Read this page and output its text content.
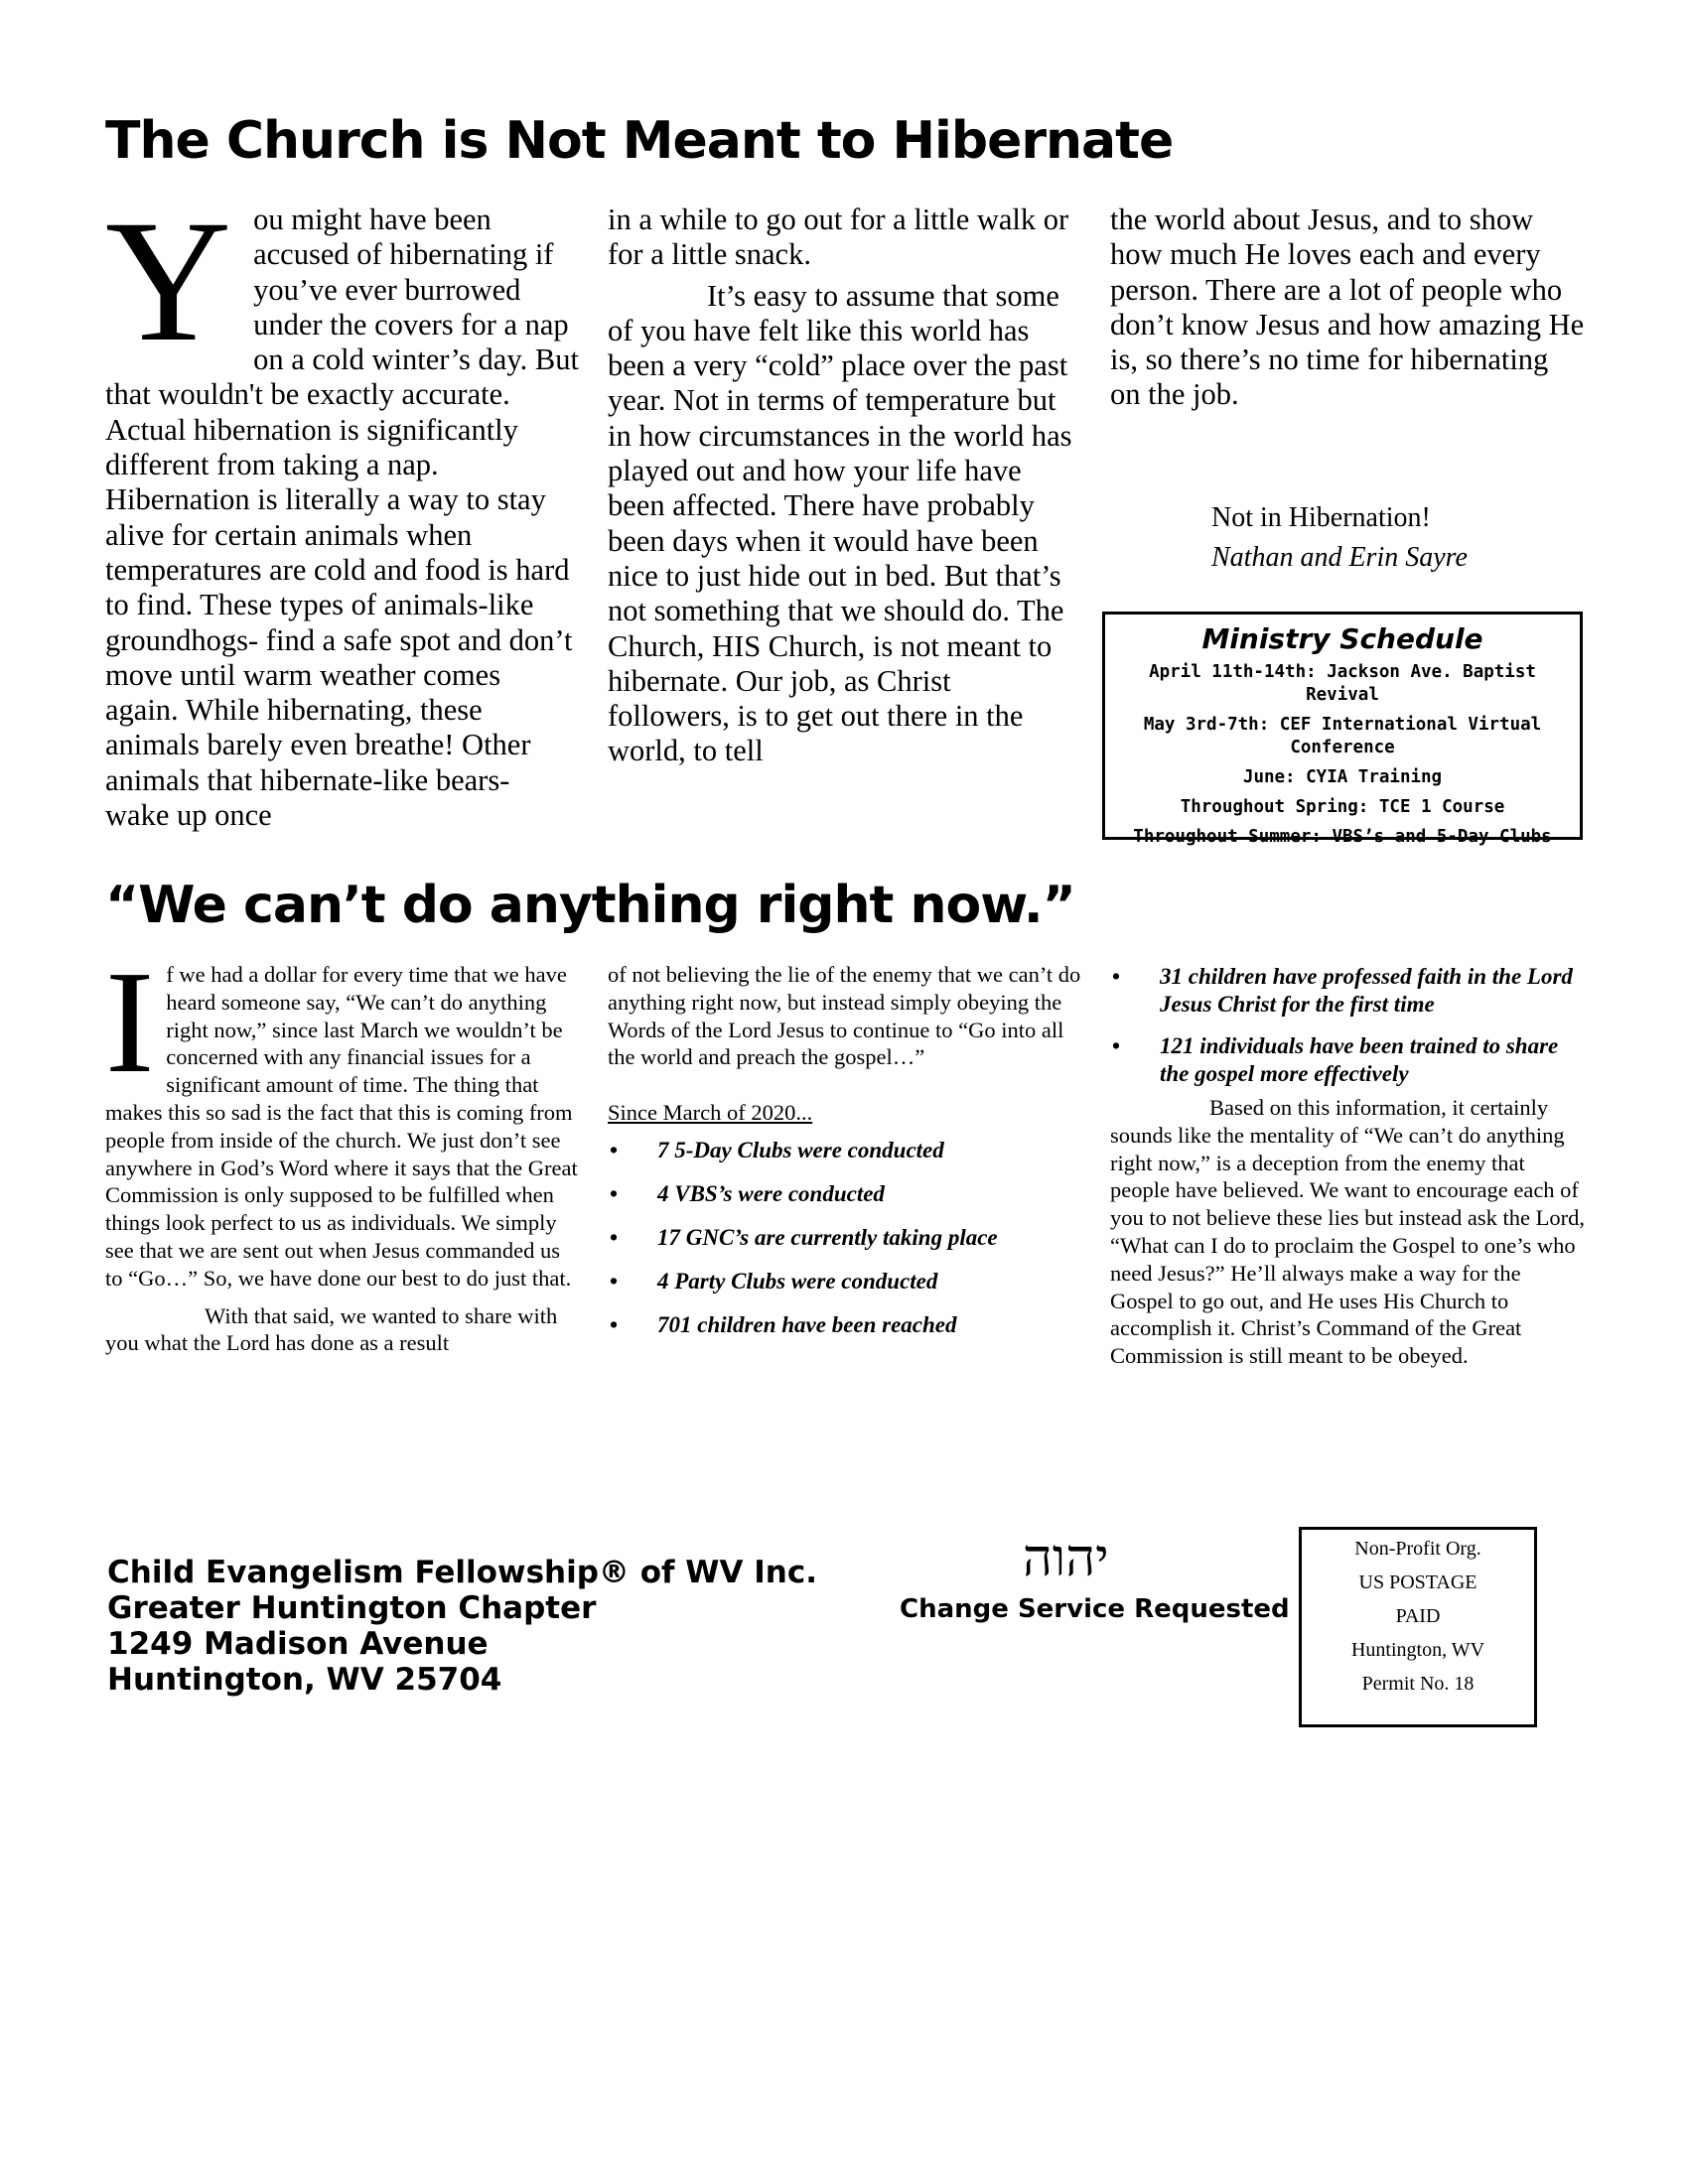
The Church is Not Meant to Hibernate
Y ou might have been accused of hibernating if you’ve ever burrowed under the covers for a nap on a cold winter’s day. But that wouldn't be exactly accurate. Actual hibernation is significantly different from taking a nap. Hibernation is literally a way to stay alive for certain animals when temperatures are cold and food is hard to find. These types of animals-like groundhogs- find a safe spot and don’t move until warm weather comes again. While hibernating, these animals barely even breathe! Other animals that hibernate-like bears- wake up once

in a while to go out for a little walk or for a little snack.

It’s easy to assume that some of you have felt like this world has been a very “cold” place over the past year. Not in terms of temperature but in how circumstances in the world has played out and how your life have been affected. There have probably been days when it would have been nice to just hide out in bed. But that’s not something that we should do. The Church, HIS Church, is not meant to hibernate. Our job, as Christ followers, is to get out there in the world, to tell

the world about Jesus, and to show how much He loves each and every person. There are a lot of people who don’t know Jesus and how amazing He is, so there’s no time for hibernating on the job.

Not in Hibernation!
Nathan and Erin Sayre
Ministry Schedule
April 11th-14th: Jackson Ave. Baptist Revival
May 3rd-7th: CEF International Virtual Conference
June: CYIA Training
Throughout Spring: TCE 1 Course
Throughout Summer: VBS’s and 5-Day Clubs
“We can’t do anything right now.”
I f we had a dollar for every time that we have heard someone say, “We can’t do anything right now,” since last March we wouldn’t be concerned with any financial issues for a significant amount of time. The thing that makes this so sad is the fact that this is coming from people from inside of the church. We just don’t see anywhere in God’s Word where it says that the Great Commission is only supposed to be fulfilled when things look perfect to us as individuals. We simply see that we are sent out when Jesus commanded us to “Go…” So, we have done our best to do just that.

With that said, we wanted to share with you what the Lord has done as a result

of not believing the lie of the enemy that we can’t do anything right now, but instead simply obeying the Words of the Lord Jesus to continue to “Go into all the world and preach the gospel…”

Since March of 2020...

• 7 5-Day Clubs were conducted
• 4 VBS’s were conducted
• 17 GNC’s are currently taking place
• 4 Party Clubs were conducted
• 701 children have been reached
• 31 children have professed faith in the Lord Jesus Christ for the first time
• 121 individuals have been trained to share the gospel more effectively

Based on this information, it certainly sounds like the mentality of “We can’t do anything right now,” is a deception from the enemy that people have believed. We want to encourage each of you to not believe these lies but instead ask the Lord, “What can I do to proclaim the Gospel to one’s who need Jesus?” He’ll always make a way for the Gospel to go out, and He uses His Church to accomplish it. Christ’s Command of the Great Commission is still meant to be obeyed.

Child Evangelism Fellowship® of WV Inc.
Greater Huntington Chapter
1249 Madison Avenue
Huntington, WV 25704
יהוה
Change Service Requested
Non-Profit Org.
US POSTAGE
PAID
Huntington, WV
Permit No. 18
